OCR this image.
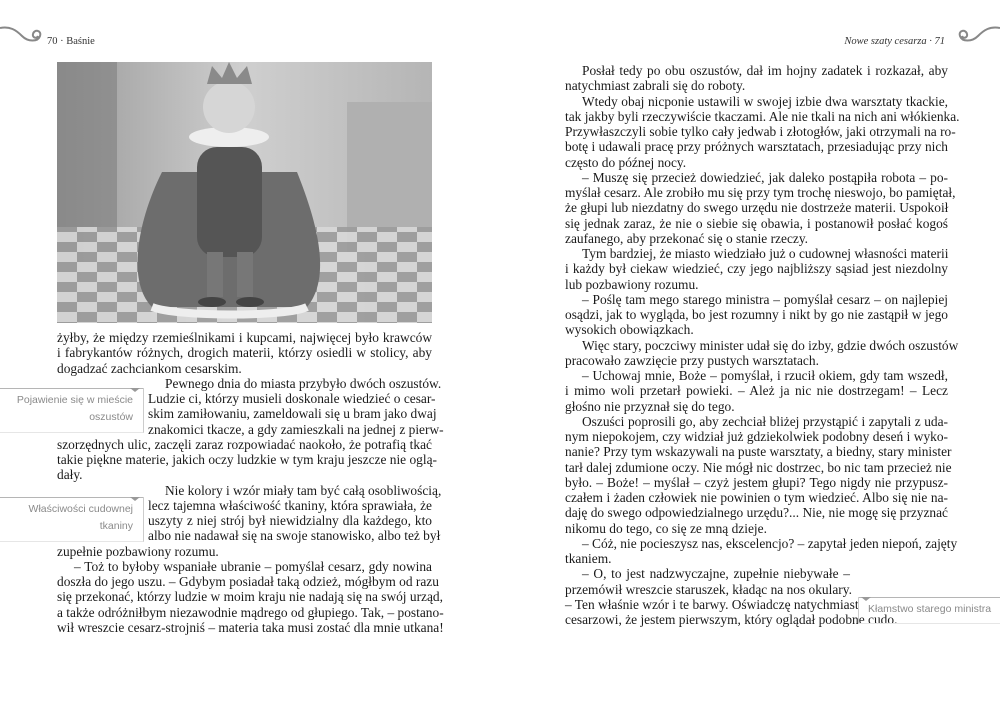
70 · Baśnie	Nowe szaty cesarza · 71
żyłby, że między rzemieślnikami i kupcami, najwięcej było krawców
i fabrykantów różnych, drogich materii, którzy osiedli w stolicy, aby
dogadzać zachciankom cesarskim.
Pewnego dnia do miasta przybyło dwóch oszustów.
Ludzie ci, którzy musieli doskonale wiedzieć o cesar-
skim zamiłowaniu, zameldowali się u bram jako dwaj
znakomici tkacze, a gdy zamieszkali na jednej z pierw-
szorzędnych ulic, zaczęli zaraz rozpowiadać naokoło, że potrafią tkać
takie piękne materie, jakich oczy ludzkie w tym kraju jeszcze nie oglą-
dały.
Nie kolory i wzór miały tam być całą osobliwością,
lecz tajemna właściwość tkaniny, która sprawiała, że
uszyty z niej strój był niewidzialny dla każdego, kto
albo nie nadawał się na swoje stanowisko, albo też był
zupełnie pozbawiony rozumu.
– Toż to byłoby wspaniałe ubranie – pomyślał cesarz, gdy nowina
doszła do jego uszu. – Gdybym posiadał taką odzież, mógłbym od razu
się przekonać, którzy ludzie w moim kraju nie nadają się na swój urząd,
a także odróżniłbym niezawodnie mądrego od głupiego. Tak, – postano-
wił wreszcie cesarz-strojniś – materia taka musi zostać dla mnie utkana!
Posłał tedy po obu oszustów, dał im hojny zadatek i rozkazał, aby
natychmiast zabrali się do roboty.
Wtedy obaj nicponie ustawili w swojej izbie dwa warsztaty tkackie,
tak jakby byli rzeczywiście tkaczami. Ale nie tkali na nich ani włókienka.
Przywłaszczyli sobie tylko cały jedwab i złotogłów, jaki otrzymali na ro-
botę i udawali pracę przy próżnych warsztatach, przesiadując przy nich
często do późnej nocy.
– Muszę się przecież dowiedzieć, jak daleko postąpiła robota – po-
myślał cesarz. Ale zrobiło mu się przy tym trochę nieswojo, bo pamiętał,
że głupi lub niezdatny do swego urzędu nie dostrzeże materii. Uspokoił
się jednak zaraz, że nie o siebie się obawia, i postanowił posłać kogoś
zaufanego, aby przekonać się o stanie rzeczy.
Tym bardziej, że miasto wiedziało już o cudownej własności materii
i każdy był ciekaw wiedzieć, czy jego najbliższy sąsiad jest niezdolny
lub pozbawiony rozumu.
– Poślę tam mego starego ministra – pomyślał cesarz – on najlepiej
osądzi, jak to wygląda, bo jest rozumny i nikt by go nie zastąpił w jego
wysokich obowiązkach.
Więc stary, poczciwy minister udał się do izby, gdzie dwóch oszustów
pracowało zawzięcie przy pustych warsztatach.
– Uchowaj mnie, Boże – pomyślał, i rzucił okiem, gdy tam wszedł,
i mimo woli przetarł powieki. – Ależ ja nic nie dostrzegam! – Lecz
głośno nie przyznał się do tego.
Oszuści poprosili go, aby zechciał bliżej przystąpić i zapytali z uda-
nym niepokojem, czy widział już gdziekolwiek podobny deseń i wyko-
nanie? Przy tym wskazywali na puste warsztaty, a biedny, stary minister
tarł dalej zdumione oczy. Nie mógł nic dostrzec, bo nic tam przecież nie
było. – Boże! – myślał – czyż jestem głupi? Tego nigdy nie przypusz-
czałem i żaden człowiek nie powinien o tym wiedzieć. Albo się nie na-
daję do swego odpowiedzialnego urzędu?... Nie, nie mogę się przyznać
nikomu do tego, co się ze mną dzieje.
– Cóż, nie pocieszysz nas, ekscelencjo? – zapytał jeden niepoń, zajęty
tkaniem.
– O, to jest nadzwyczajne, zupełnie niebywałe –
przemówił wreszcie staruszek, kładąc na nos okulary.
– Ten właśnie wzór i te barwy. Oświadczę natychmiast
cesarzowi, że jestem pierwszym, który oglądał podobne cudo.
Pojawienie się w mieście
oszustów
Właściwości cudownej
tkaniny
Kłamstwo starego ministra
